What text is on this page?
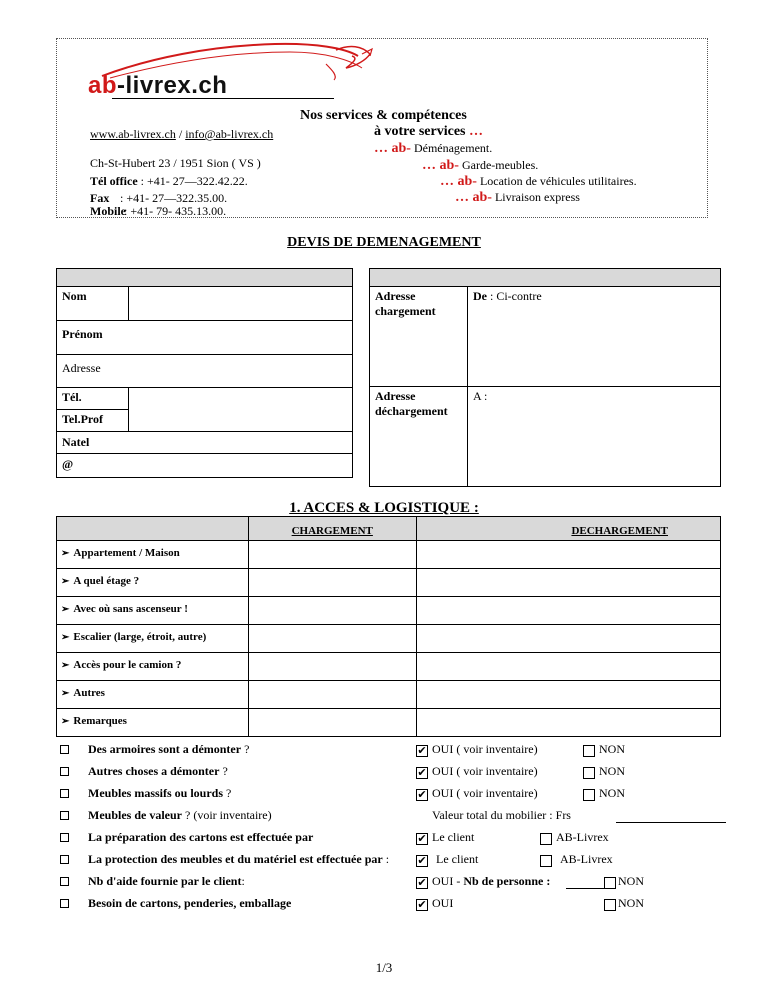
ab-livrex.ch
www.ab-livrex.ch / info@ab-livrex.ch
Ch-St-Hubert 23 / 1951 Sion ( VS )
Tél office : +41- 27—322.42.22.
Fax : +41- 27—322.35.00.
Mobile: +41- 79- 435.13.00.
Nos services & compétences
à votre services …
… ab- Déménagement.
… ab- Garde-meubles.
… ab- Location de véhicules utilitaires.
… ab- Livraison express
DEVIS DE DEMENAGEMENT

Nom	
Prénom	
Adresse	
Tél.	
Tel.Prof	
Natel	
@	

Adresse chargement	De : Ci-contre
Adresse déchargement	A :
1. ACCES & LOGISTIQUE :
	CHARGEMENT	DECHARGEMENT
➢ Appartement / Maison		
➢ A quel étage ?		
➢ Avec où sans ascenseur !		
➢ Escalier (large, étroit, autre)		
➢ Accès pour le camion ?		
➢ Autres		
➢ Remarques		
Des armoires sont a démonter ?	✔ OUI ( voir inventaire)	NON
Autres choses a démonter ?	✔ OUI ( voir inventaire)	NON
Meubles massifs ou lourds ?	✔ OUI ( voir inventaire)	NON
Meubles de valeur ? (voir inventaire)	Valeur total du mobilier : Frs
La préparation des cartons est effectuée par	✔ Le client	AB-Livrex
La protection des meubles et du matériel est effectuée par :	✔ Le client	AB-Livrex
Nb d'aide fournie par le client:	✔ OUI - Nb de personne :	NON
Besoin de cartons, penderies, emballage	✔ OUI	NON
1/3
